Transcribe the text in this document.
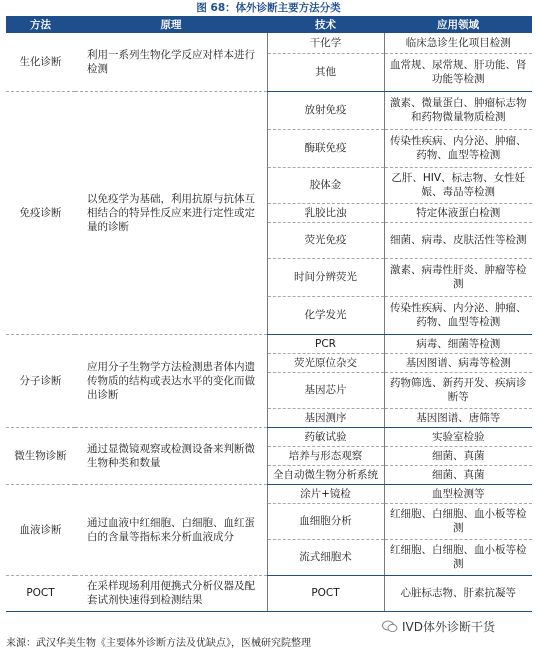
图 68：体外诊断主要方法分类
方法	原理	技术	应用领域
生化诊断	利用一系列生物化学反应对样本进行检测	干化学	临床急诊生化项目检测
		其他	血常规、尿常规、肝功能、肾功能等检测
免疫诊断	以免疫学为基础，利用抗原与抗体互相结合的特异性反应来进行定性或定量的诊断	放射免疫	激素、微量蛋白、肿瘤标志物和药物微量物质检测
		酶联免疫	传染性疾病、内分泌、肿瘤、药物、血型等检测
		胶体金	乙肝、HIV、标志物、女性妊娠、毒品等检测
		乳胶比浊	特定体液蛋白检测
		荧光免疫	细菌、病毒、皮肤活性等检测
		时间分辨荧光	激素、病毒性肝炎、肿瘤等检测
		化学发光	传染性疾病、内分泌、肿瘤、药物、血型等检测
分子诊断	应用分子生物学方法检测患者体内遗传物质的结构或表达水平的变化而做出诊断	PCR	病毒、细菌等检测
		荧光原位杂交	基因图谱、病毒等检测
		基因芯片	药物筛选、新药开发、疾病诊断等
		基因测序	基因图谱、唐筛等
微生物诊断	通过显微镜观察或检测设备来判断微生物种类和数量	药敏试验	实验室检验
		培养与形态观察	细菌、真菌
		全自动微生物分析系统	细菌、真菌
血液诊断	通过血液中红细胞、白细胞、血红蛋白的含量等指标来分析血液成分	涂片+镜检	血型检测等
		血细胞分析	红细胞、白细胞、血小板等检测
		流式细胞术	红细胞、白细胞、血小板等检测
POCT	在采样现场利用便携式分析仪器及配套试剂快速得到检测结果	POCT	心脏标志物、肝素抗凝等
IVD体外诊断干货
来源：武汉华美生物《主要体外诊断方法及优缺点》，医械研究院整理
